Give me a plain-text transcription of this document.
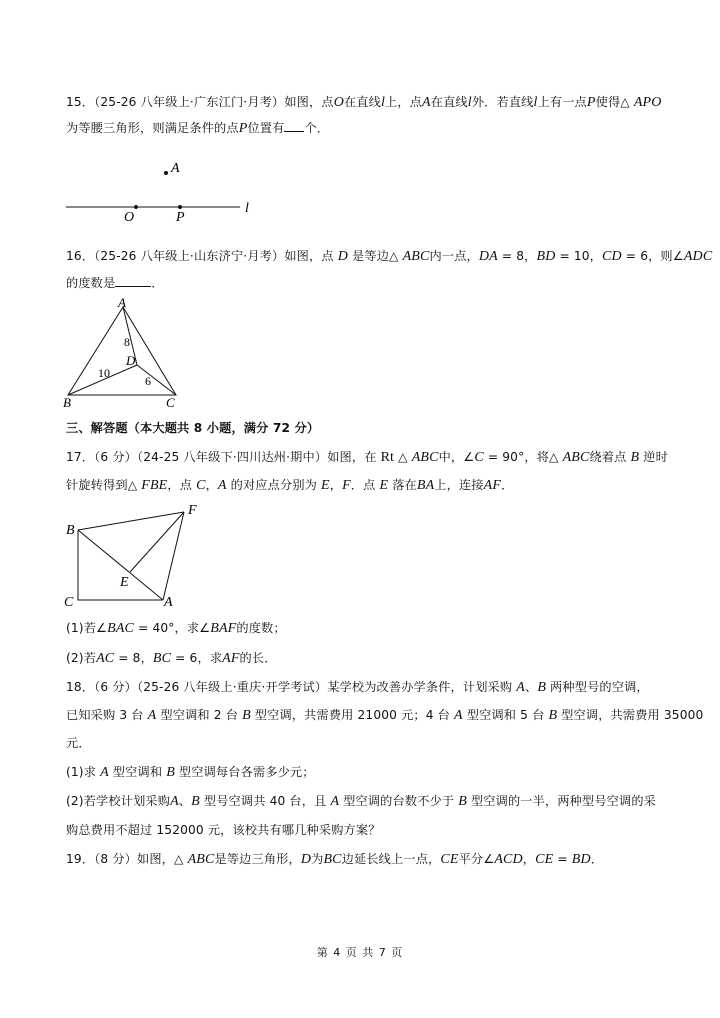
15．（25-26 八年级上·广东江门·月考）如图，点O在直线l上，点A在直线l外．若直线l上有一点P使得△ APO
为等腰三角形，则满足条件的点P位置有 个．
A
O	P
l
16．（25-26 八年级上·山东济宁·月考）如图，点 D 是等边△ ABC内一点，DA = 8，BD = 10，CD = 6，则∠ADC
的度数是	．
A
B	C
D
8
10
6
三、解答题（本大题共 8 小题，满分 72 分）
17．（6 分）（24-25 八年级下·四川达州·期中）如图，在 Rt △ ABC中，∠C = 90°，将△ ABC绕着点 B 逆时
针旋转得到△ FBE，点 C，A 的对应点分别为 E，F．点 E 落在BA上，连接AF．
B
C	A
E
F
(1)若∠BAC = 40°，求∠BAF的度数；
(2)若AC = 8，BC = 6，求AF的长．
18．（6 分）（25-26 八年级上·重庆·开学考试）某学校为改善办学条件，计划采购 A、B 两种型号的空调，
已知采购 3 台 A 型空调和 2 台 B 型空调，共需费用 21000 元；4 台 A 型空调和 5 台 B 型空调，共需费用 35000
元．
(1)求 A 型空调和 B 型空调每台各需多少元；
(2)若学校计划采购A、B 型号空调共 40 台，且 A 型空调的台数不少于 B 型空调的一半，两种型号空调的采
购总费用不超过 152000 元，该校共有哪几种采购方案？
19．（8 分）如图，△ ABC是等边三角形，D为BC边延长线上一点，CE平分∠ACD，CE = BD．
第 4 页 共 7 页
